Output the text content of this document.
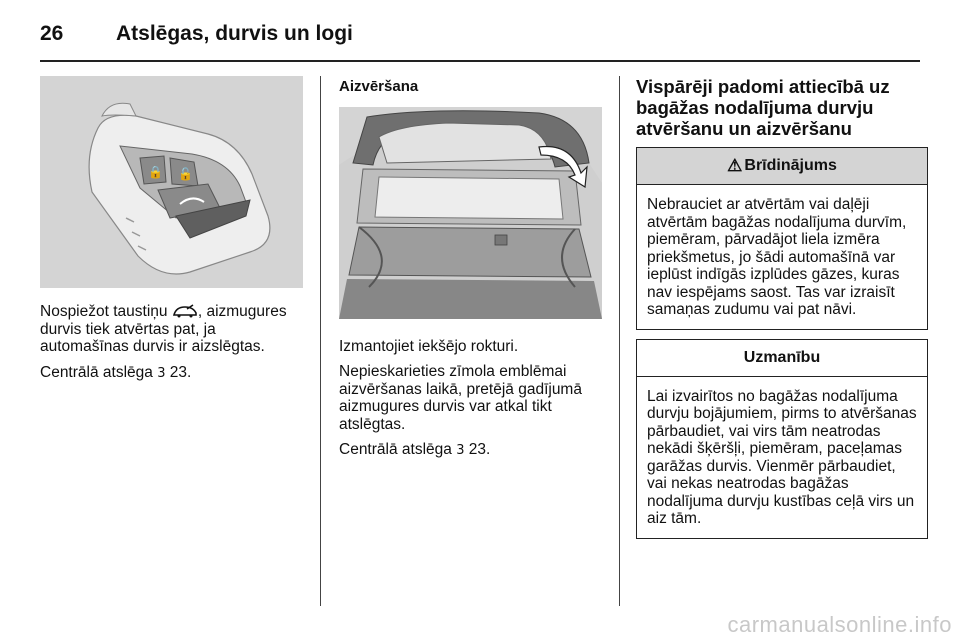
26	Atslēgas, durvis un logi
🔒 🔓

Nospiežot taustiņu , aizmugures durvis tiek atvērtas pat, ja automašīnas durvis ir aizslēgtas.

Centrālā atslēga 3 23.

Aizvēršana

Izmantojiet iekšējo rokturi.

Nepieskarieties zīmola emblēmai aizvēršanas laikā, pretējā gadījumā aizmugures durvis var atkal tikt atslēgtas.

Centrālā atslēga 3 23.

Vispārēji padomi attiecībā uz bagāžas nodalījuma durvju atvēršanu un aizvēršanu
⚠ Brīdinājums
Nebrauciet ar atvērtām vai daļēji atvērtām bagāžas nodalījuma durvīm, piemēram, pārvadājot liela izmēra priekšmetus, jo šādi automašīnā var ieplūst indīgās izplūdes gāzes, kuras nav iespējams saost. Tas var izraisīt samaņas zudumu vai pat nāvi.
Uzmanību
Lai izvairītos no bagāžas nodalījuma durvju bojājumiem, pirms to atvēršanas pārbaudiet, vai virs tām neatrodas nekādi šķēršļi, piemēram, paceļamas garāžas durvis. Vienmēr pārbaudiet, vai nekas neatrodas bagāžas nodalījuma durvju kustības ceļā virs un aiz tām.
carmanualsonline.info
